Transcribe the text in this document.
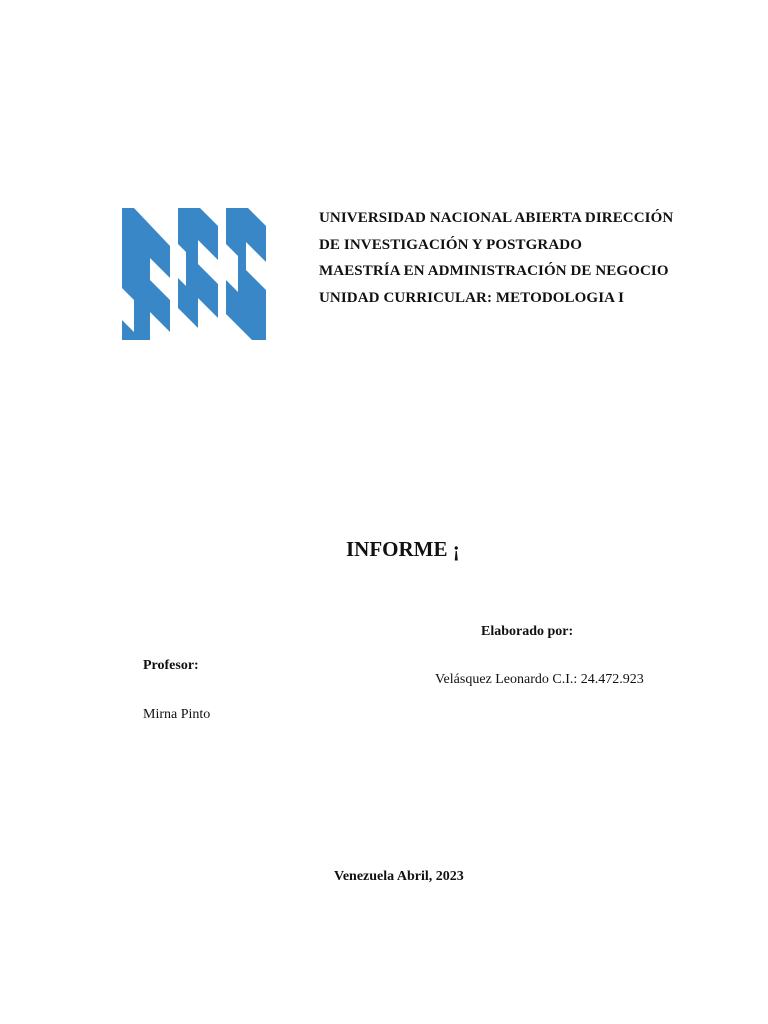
UNIVERSIDAD NACIONAL ABIERTA DIRECCIÓN
DE INVESTIGACIÓN Y POSTGRADO
MAESTRÍA EN ADMINISTRACIÓN DE NEGOCIO
UNIDAD CURRICULAR: METODOLOGIA I
INFORME ¡
Elaborado por:
Profesor:
Velásquez Leonardo C.I.: 24.472.923
Mirna Pinto
Venezuela Abril, 2023
